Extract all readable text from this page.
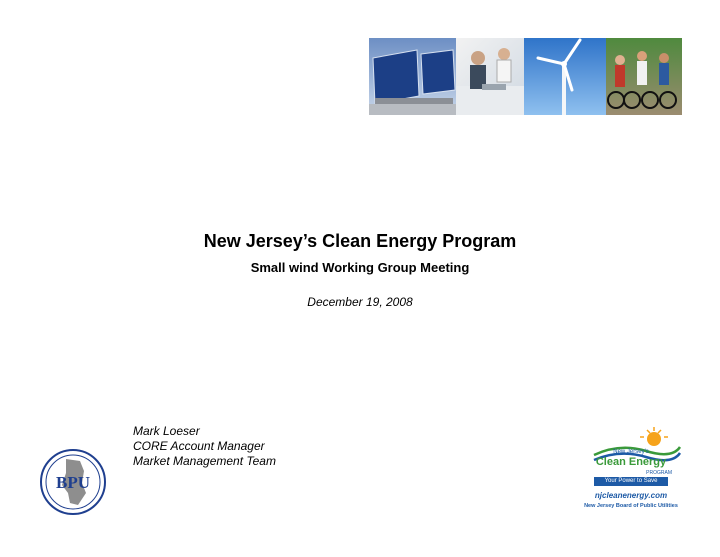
New Jersey’s Clean Energy Program
Small wind Working Group Meeting
December 19, 2008
Mark Loeser
CORE Account Manager
Market Management Team
BPU
New Jersey's
Clean Energy
PROGRAM
Your Power to Save
njcleanenergy.com
New Jersey Board of Public Utilities
